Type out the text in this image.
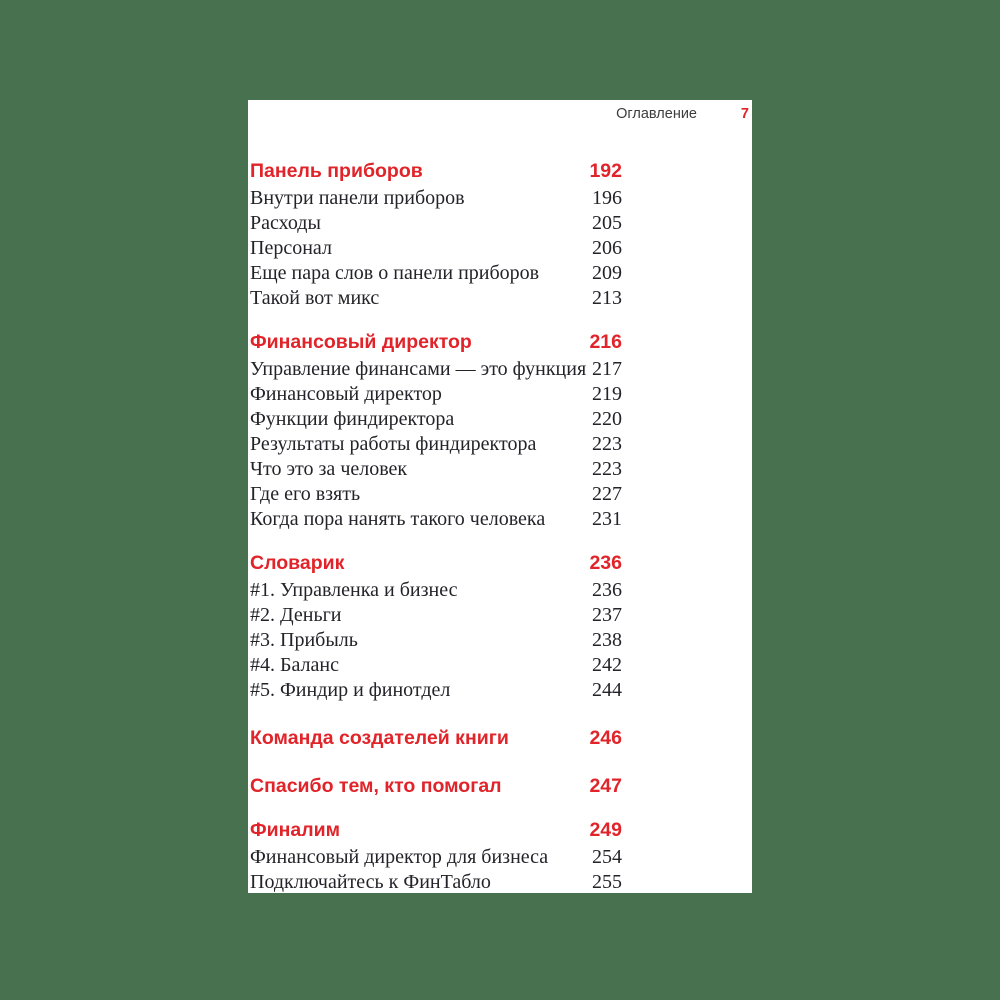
Оглавление	7
Панель приборов	192
Внутри панели приборов	196
Расходы	205
Персонал	206
Еще пара слов о панели приборов	209
Такой вот микс	213
Финансовый директор	216
Управление финансами — это функция 217
Финансовый директор	219
Функции финдиректора	220
Результаты работы финдиректора	223
Что это за человек	223
Где его взять	227
Когда пора нанять такого человека 231
Словарик	236
#1. Управленка и бизнес	236
#2. Деньги	237
#3. Прибыль	238
#4. Баланс	242
#5. Финдир и финотдел	244
Команда создателей книги	246
Спасибо тем, кто помогал	247
Финалим	249
Финансовый директор для бизнеса 254
Подключайтесь к ФинТабло	255
